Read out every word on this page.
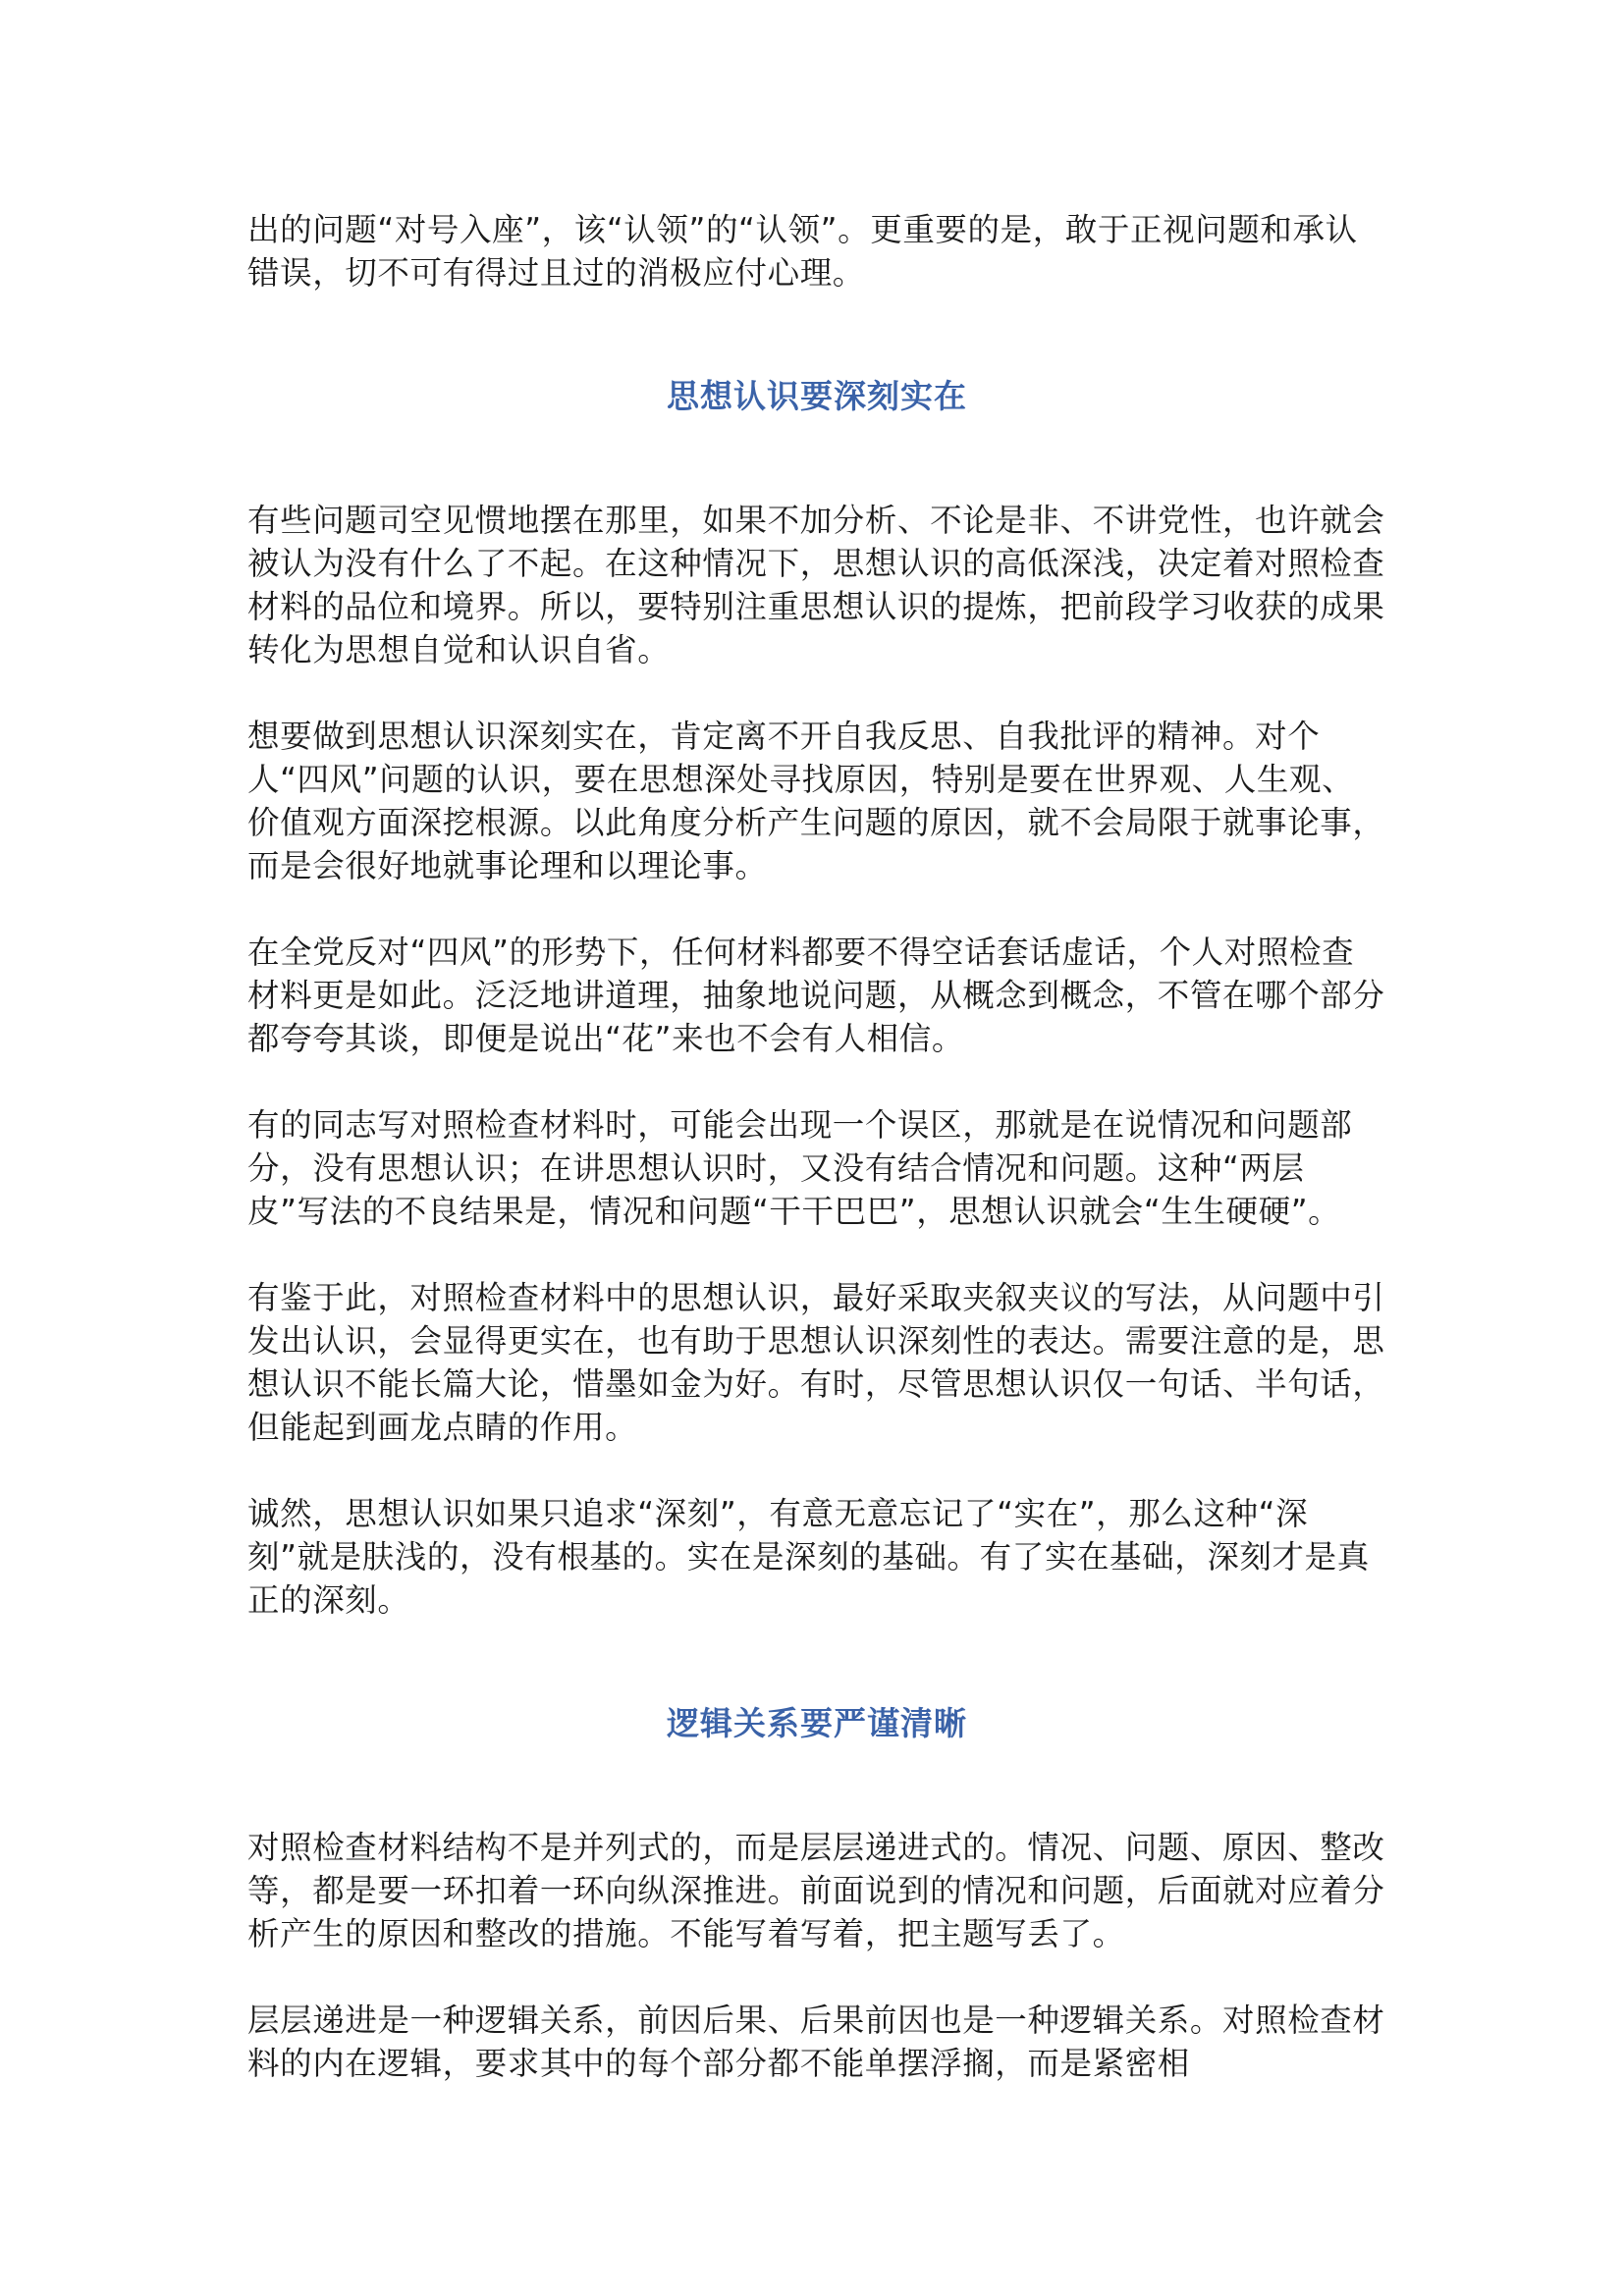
出的问题“对号入座”，该“认领”的“认领”。更重要的是，敢于正视问题和承认错误，切不可有得过且过的消极应付心理。

思想认识要深刻实在

有些问题司空见惯地摆在那里，如果不加分析、不论是非、不讲党性，也许就会被认为没有什么了不起。在这种情况下，思想认识的高低深浅，决定着对照检查材料的品位和境界。所以，要特别注重思想认识的提炼，把前段学习收获的成果转化为思想自觉和认识自省。

想要做到思想认识深刻实在，肯定离不开自我反思、自我批评的精神。对个人“四风”问题的认识，要在思想深处寻找原因，特别是要在世界观、人生观、价值观方面深挖根源。以此角度分析产生问题的原因，就不会局限于就事论事，而是会很好地就事论理和以理论事。

在全党反对“四风”的形势下，任何材料都要不得空话套话虚话，个人对照检查材料更是如此。泛泛地讲道理，抽象地说问题，从概念到概念，不管在哪个部分都夸夸其谈，即便是说出“花”来也不会有人相信。

有的同志写对照检查材料时，可能会出现一个误区，那就是在说情况和问题部分，没有思想认识；在讲思想认识时，又没有结合情况和问题。这种“两层皮”写法的不良结果是，情况和问题“干干巴巴”，思想认识就会“生生硬硬”。

有鉴于此，对照检查材料中的思想认识，最好采取夹叙夹议的写法，从问题中引发出认识，会显得更实在，也有助于思想认识深刻性的表达。需要注意的是，思想认识不能长篇大论，惜墨如金为好。有时，尽管思想认识仅一句话、半句话，但能起到画龙点睛的作用。

诚然，思想认识如果只追求“深刻”，有意无意忘记了“实在”，那么这种“深刻”就是肤浅的，没有根基的。实在是深刻的基础。有了实在基础，深刻才是真正的深刻。

逻辑关系要严谨清晰

对照检查材料结构不是并列式的，而是层层递进式的。情况、问题、原因、整改等，都是要一环扣着一环向纵深推进。前面说到的情况和问题，后面就对应着分析产生的原因和整改的措施。不能写着写着，把主题写丢了。

层层递进是一种逻辑关系，前因后果、后果前因也是一种逻辑关系。对照检查材料的内在逻辑，要求其中的每个部分都不能单摆浮搁，而是紧密相
